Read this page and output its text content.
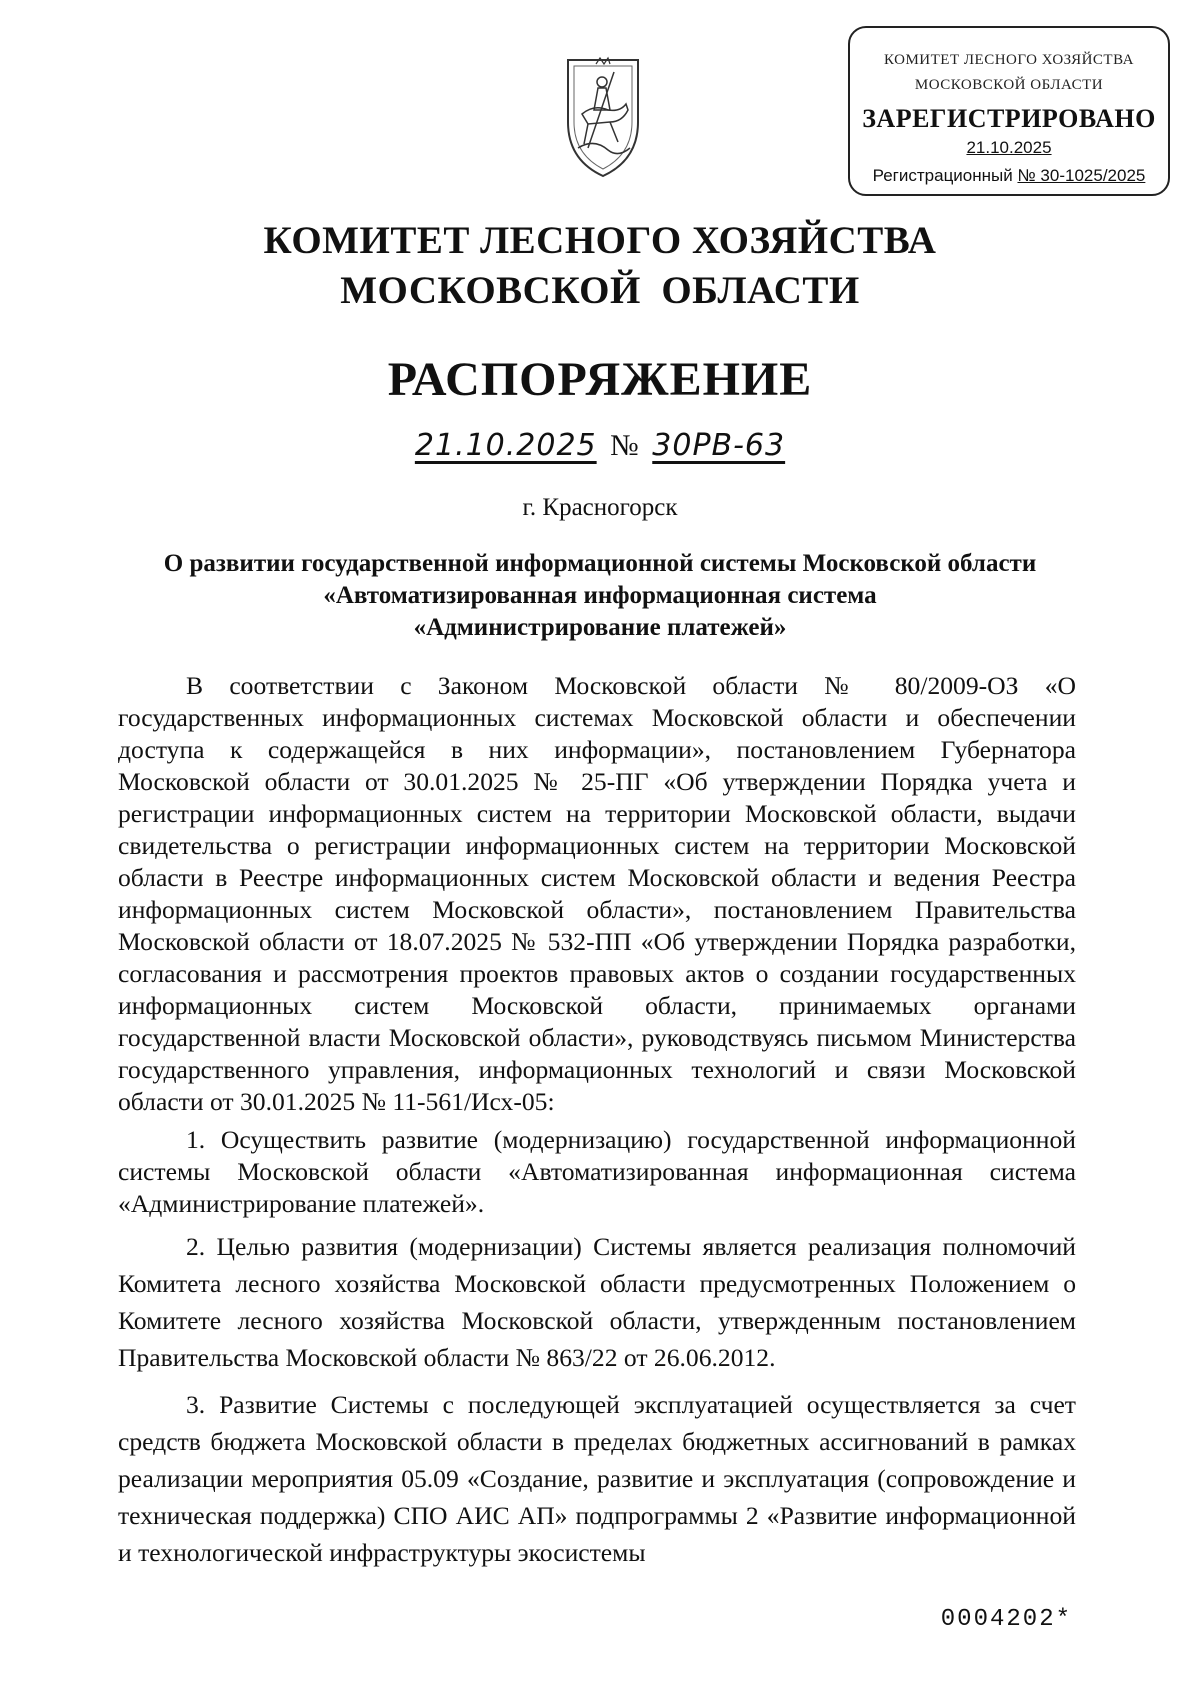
КОМИТЕТ ЛЕСНОГО ХОЗЯЙСТВА
МОСКОВСКОЙ ОБЛАСТИ
ЗАРЕГИСТРИРОВАНО
21.10.2025
Регистрационный № 30-1025/2025
КОМИТЕТ ЛЕСНОГО ХОЗЯЙСТВА
МОСКОВСКОЙ  ОБЛАСТИ
РАСПОРЯЖЕНИЕ
21.10.2025 № 30РВ-63
г. Красногорск
О развитии государственной информационной системы Московской области
«Автоматизированная информационная система
«Администрирование платежей»

В соответствии с Законом Московской области № 80/2009-ОЗ «О государственных информационных системах Московской области и обеспечении доступа к содержащейся в них информации», постановлением Губернатора Московской области от 30.01.2025 № 25-ПГ «Об утверждении Порядка учета и регистрации информационных систем на территории Московской области, выдачи свидетельства о регистрации информационных систем на территории Московской области в Реестре информационных систем Московской области и ведения Реестра информационных систем Московской области», постановлением Правительства Московской области от 18.07.2025 № 532-ПП «Об утверждении Порядка разработки, согласования и рассмотрения проектов правовых актов о создании государственных информационных систем Московской области, принимаемых органами государственной власти Московской области», руководствуясь письмом Министерства государственного управления, информационных технологий и связи Московской области от 30.01.2025 № 11-561/Исх-05:

1. Осуществить развитие (модернизацию) государственной информационной системы Московской области «Автоматизированная информационная система «Администрирование платежей».

2. Целью развития (модернизации) Системы является реализация полномочий Комитета лесного хозяйства Московской области предусмотренных Положением о Комитете лесного хозяйства Московской области, утвержденным постановлением Правительства Московской области № 863/22 от 26.06.2012.

3. Развитие Системы с последующей эксплуатацией осуществляется за счет средств бюджета Московской области в пределах бюджетных ассигнований в рамках реализации мероприятия 05.09 «Создание, развитие и эксплуатация (сопровождение и техническая поддержка) СПО АИС АП» подпрограммы 2 «Развитие информационной и технологической инфраструктуры экосистемы

0004202*
